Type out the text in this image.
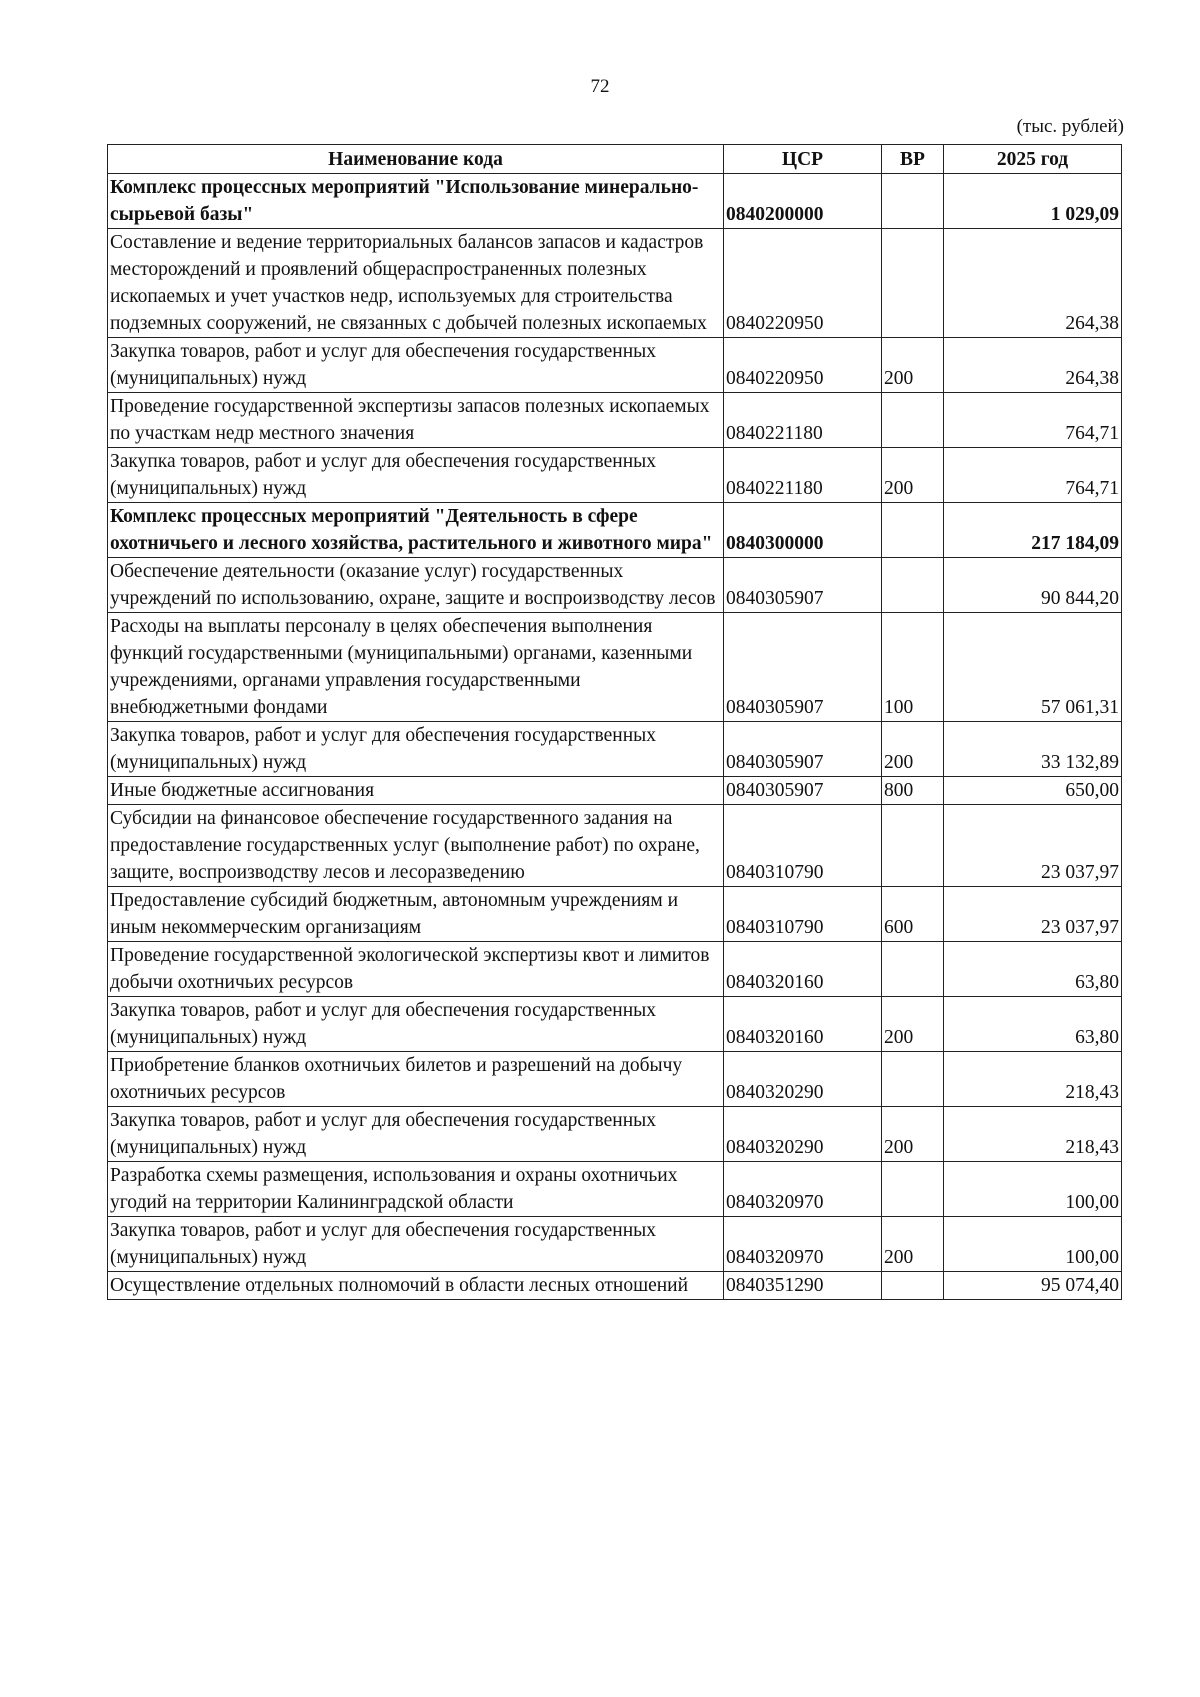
72
(тыс. рублей)
Наименование кода	ЦСР	ВР	2025 год
Комплекс процессных мероприятий "Использование минерально-сырьевой базы"	0840200000		1 029,09
Составление и ведение территориальных балансов запасов и кадастров месторождений и проявлений общераспространенных полезных ископаемых и учет участков недр, используемых для строительства подземных сооружений, не связанных с добычей полезных ископаемых	0840220950		264,38
Закупка товаров, работ и услуг для обеспечения государственных (муниципальных) нужд	0840220950	200	264,38
Проведение государственной экспертизы запасов полезных ископаемых по участкам недр местного значения	0840221180		764,71
Закупка товаров, работ и услуг для обеспечения государственных (муниципальных) нужд	0840221180	200	764,71
Комплекс процессных мероприятий "Деятельность в сфере охотничьего и лесного хозяйства, растительного и животного мира"	0840300000		217 184,09
Обеспечение деятельности (оказание услуг) государственных учреждений по использованию, охране, защите и воспроизводству лесов	0840305907		90 844,20
Расходы на выплаты персоналу в целях обеспечения выполнения функций государственными (муниципальными) органами, казенными учреждениями, органами управления государственными внебюджетными фондами	0840305907	100	57 061,31
Закупка товаров, работ и услуг для обеспечения государственных (муниципальных) нужд	0840305907	200	33 132,89
Иные бюджетные ассигнования	0840305907	800	650,00
Субсидии на финансовое обеспечение государственного задания на предоставление государственных услуг (выполнение работ) по охране, защите, воспроизводству лесов и лесоразведению	0840310790		23 037,97
Предоставление субсидий бюджетным, автономным учреждениям и иным некоммерческим организациям	0840310790	600	23 037,97
Проведение государственной экологической экспертизы квот и лимитов добычи охотничьих ресурсов	0840320160		63,80
Закупка товаров, работ и услуг для обеспечения государственных (муниципальных) нужд	0840320160	200	63,80
Приобретение бланков охотничьих билетов и разрешений на добычу охотничьих ресурсов	0840320290		218,43
Закупка товаров, работ и услуг для обеспечения государственных (муниципальных) нужд	0840320290	200	218,43
Разработка схемы размещения, использования и охраны охотничьих угодий на территории Калининградской области	0840320970		100,00
Закупка товаров, работ и услуг для обеспечения государственных (муниципальных) нужд	0840320970	200	100,00
Осуществление отдельных полномочий в области лесных отношений	0840351290		95 074,40
